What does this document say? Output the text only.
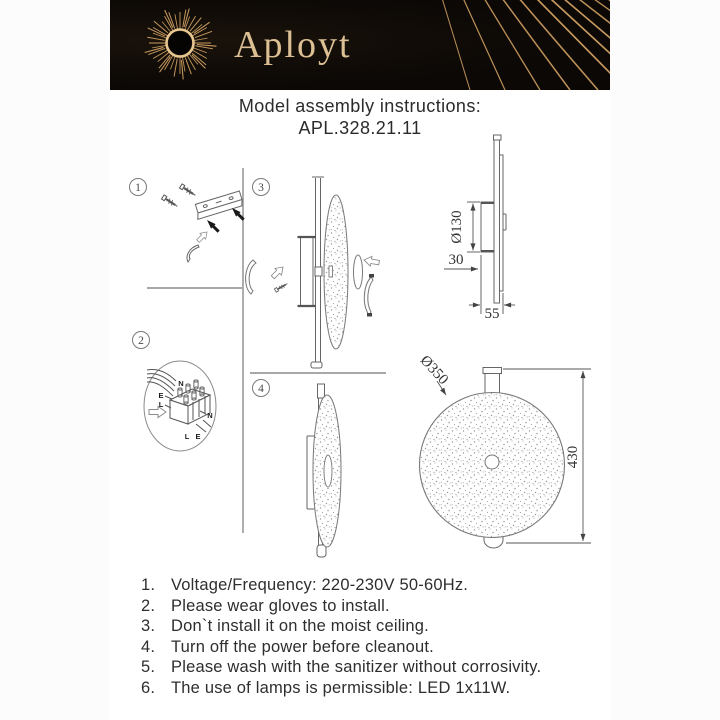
Aployt
Model assembly instructions:
APL.328.21.11
1
2
3
4
N
E
L
N
L E
Ø130
30
55
Ø350
430
1. Voltage/Frequency: 220-230V 50-60Hz.
2. Please wear gloves to install.
3. Don`t install it on the moist ceiling.
4. Turn off the power before cleanout.
5. Please wash with the sanitizer without corrosivity.
6. The use of lamps is permissible: LED 1x11W.
